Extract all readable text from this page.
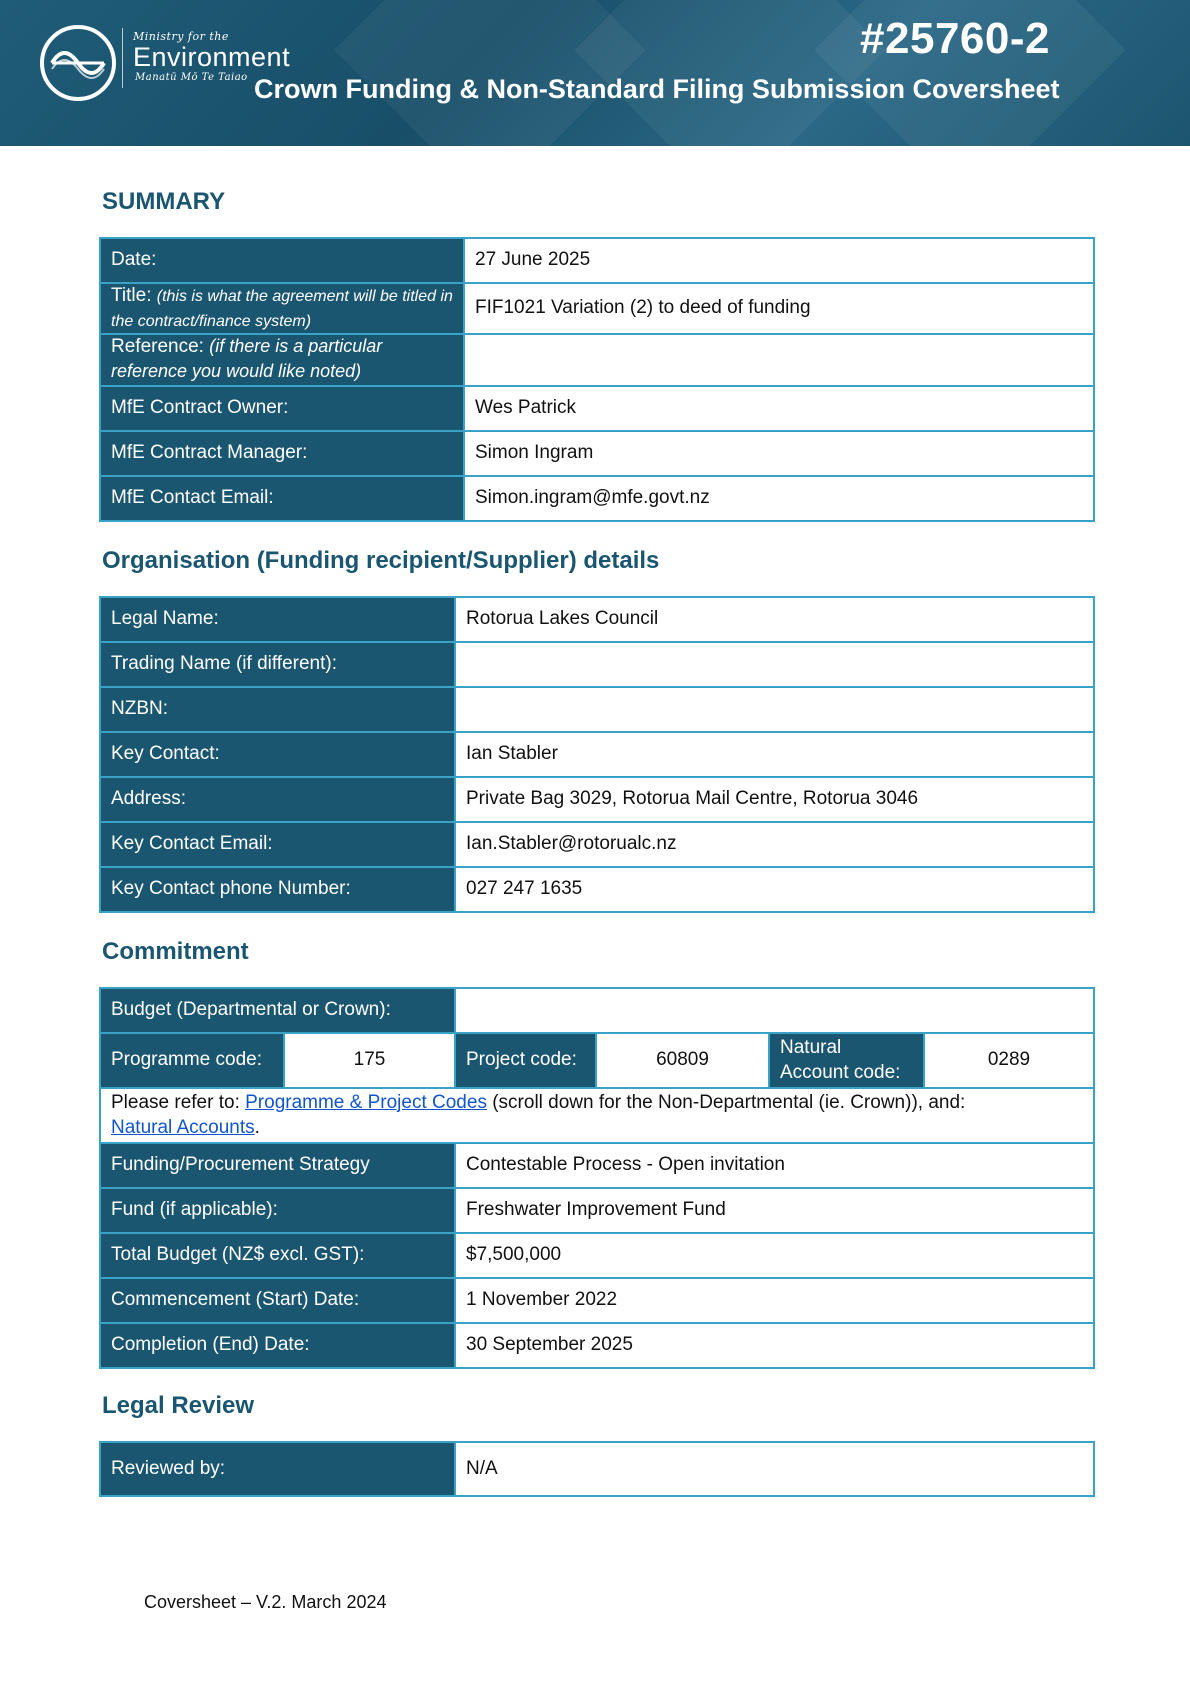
Ministry for the
Environment
Manatū Mō Te Taiao
#25760-2
Crown Funding & Non-Standard Filing Submission Coversheet
SUMMARY
Date:	27 June 2025
Title: (this is what the agreement will be titled in the contract/finance system)	FIF1021 Variation (2) to deed of funding
Reference: (if there is a particular reference you would like noted)	
MfE Contract Owner:	Wes Patrick
MfE Contract Manager:	Simon Ingram
MfE Contact Email:	Simon.ingram@mfe.govt.nz
Organisation (Funding recipient/Supplier) details
Legal Name:	Rotorua Lakes Council
Trading Name (if different):	
NZBN:	
Key Contact:	Ian Stabler
Address:	Private Bag 3029, Rotorua Mail Centre, Rotorua 3046
Key Contact Email:	Ian.Stabler@rotorualc.nz
Key Contact phone Number:	027 247 1635
Commitment
Budget (Departmental or Crown):					
Programme code:	175	Project code:	60809	Natural Account code:	0289
Please refer to: Programme & Project Codes (scroll down for the Non-Departmental (ie. Crown)), and:
Natural Accounts.					
Funding/Procurement Strategy		Contestable Process - Open invitation			
Fund (if applicable):		Freshwater Improvement Fund			
Total Budget (NZ$ excl. GST):		$7,500,000			
Commencement (Start) Date:		1 November 2022			
Completion (End) Date:		30 September 2025			
Legal Review
Reviewed by:	N/A
Coversheet – V.2. March 2024
